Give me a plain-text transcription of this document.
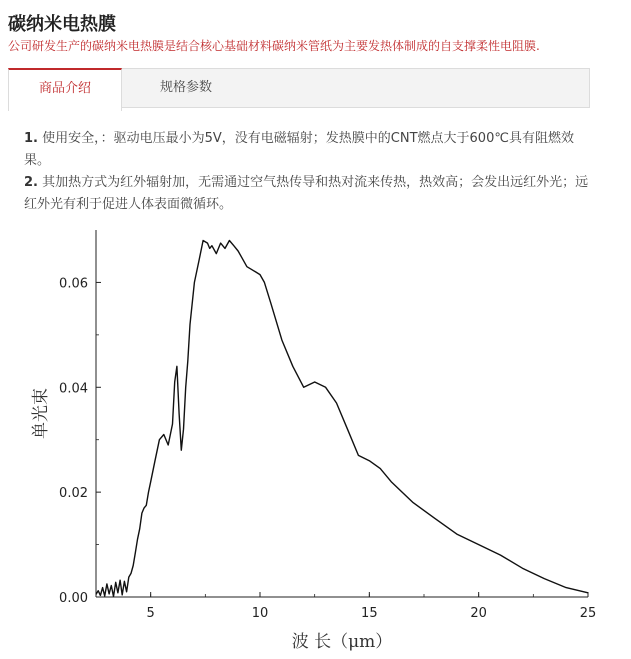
碳纳米电热膜
公司研发生产的碳纳米电热膜是结合核心基础材料碳纳米管纸为主要发热体制成的自支撑柔性电阻膜.
商品介绍	规格参数

1. 使用安全，：驱动电压最小为5V，没有电磁辐射；发热膜中的CNT燃点大于600℃具有阻燃效果。

2. 其加热方式为红外辐射加，无需通过空气热传导和热对流来传热，热效高；会发出远红外光；远红外光有利于促进人体表面微循环。

5	10	15	20	25
0.00
0.02
0.04
0.06
单光束
波 长（μm）
